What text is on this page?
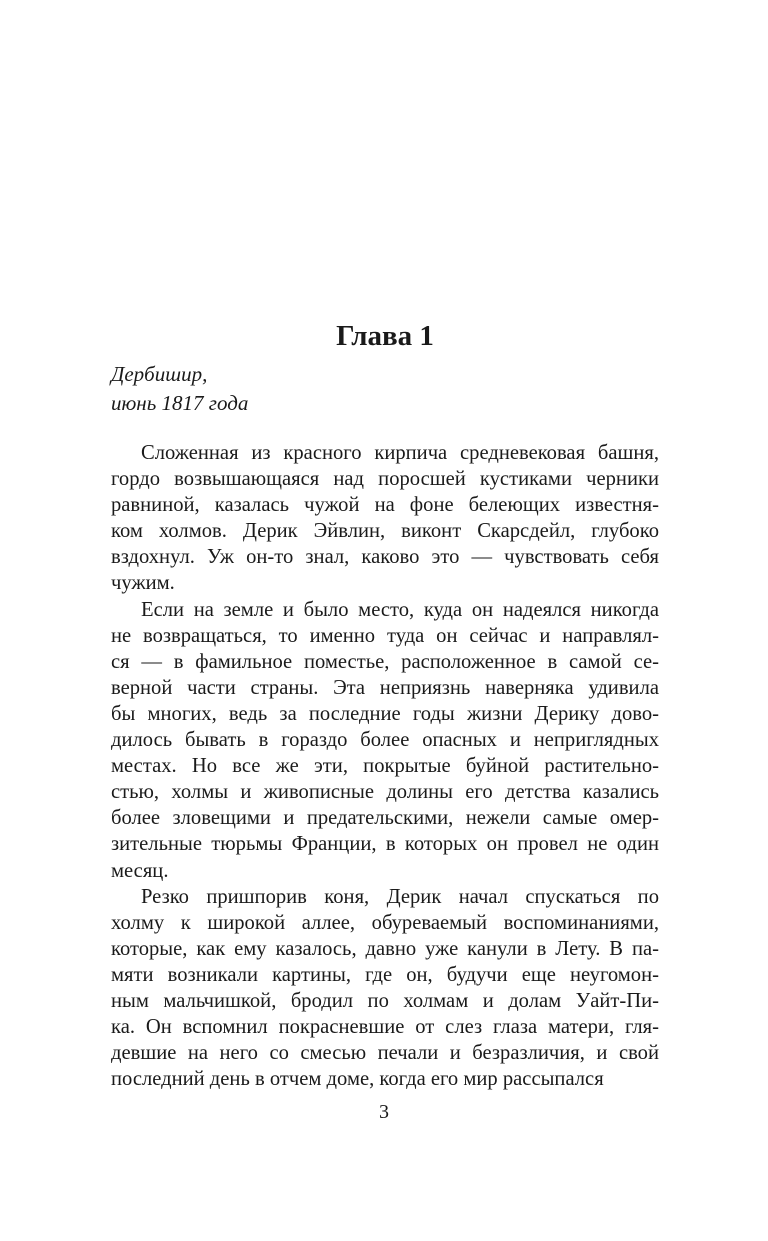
Глава 1
Дербишир,
июнь 1817 года
Сложенная из красного кирпича средневековая башня,
гордо возвышающаяся над поросшей кустиками черники
равниной, казалась чужой на фоне белеющих известня-
ком холмов. Дерик Эйвлин, виконт Скарсдейл, глубоко
вздохнул. Уж он-то знал, каково это — чувствовать себя
чужим.
Если на земле и было место, куда он надеялся никогда
не возвращаться, то именно туда он сейчас и направлял-
ся — в фамильное поместье, расположенное в самой се-
верной части страны. Эта неприязнь наверняка удивила
бы многих, ведь за последние годы жизни Дерику дово-
дилось бывать в гораздо более опасных и неприглядных
местах. Но все же эти, покрытые буйной растительно-
стью, холмы и живописные долины его детства казались
более зловещими и предательскими, нежели самые омер-
зительные тюрьмы Франции, в которых он провел не один
месяц.
Резко пришпорив коня, Дерик начал спускаться по
холму к широкой аллее, обуреваемый воспоминаниями,
которые, как ему казалось, давно уже канули в Лету. В па-
мяти возникали картины, где он, будучи еще неугомон-
ным мальчишкой, бродил по холмам и долам Уайт-Пи-
ка. Он вспомнил покрасневшие от слез глаза матери, гля-
девшие на него со смесью печали и безразличия, и свой
последний день в отчем доме, когда его мир рассыпался
3
